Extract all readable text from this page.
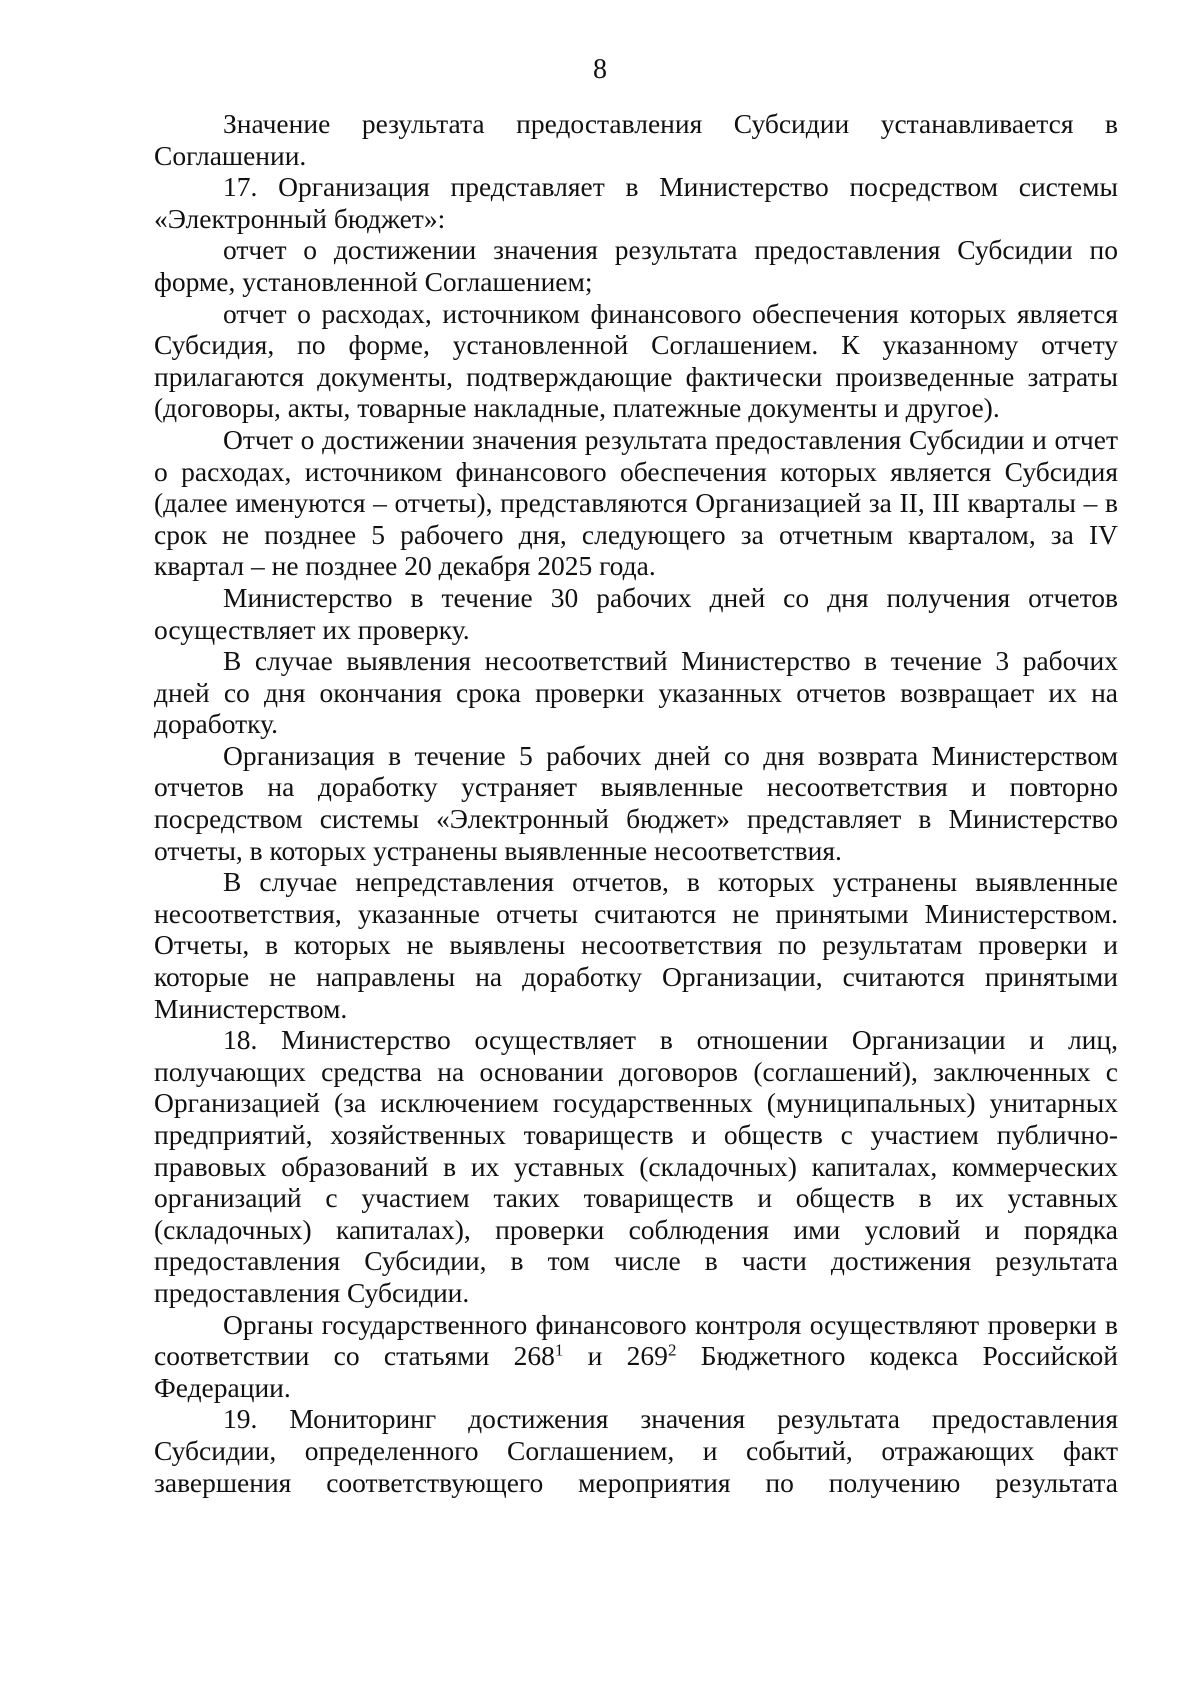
8

Значение результата предоставления Субсидии устанавливается в Соглашении.

17. Организация представляет в Министерство посредством системы «Электронный бюджет»:

отчет о достижении значения результата предоставления Субсидии по форме, установленной Соглашением;

отчет о расходах, источником финансового обеспечения которых является Субсидия, по форме, установленной Соглашением. К указанному отчету прилагаются документы, подтверждающие фактически произведенные затраты (договоры, акты, товарные накладные, платежные документы и другое).

Отчет о достижении значения результата предоставления Субсидии и отчет о расходах, источником финансового обеспечения которых является Субсидия (далее именуются – отчеты), представляются Организацией за II, III кварталы – в срок не позднее 5 рабочего дня, следующего за отчетным кварталом, за IV квартал – не позднее 20 декабря 2025 года.

Министерство в течение 30 рабочих дней со дня получения отчетов осуществляет их проверку.

В случае выявления несоответствий Министерство в течение 3 рабочих дней со дня окончания срока проверки указанных отчетов возвращает их на доработку.

Организация в течение 5 рабочих дней со дня возврата Министерством отчетов на доработку устраняет выявленные несоответствия и повторно посредством системы «Электронный бюджет» представляет в Министерство отчеты, в которых устранены выявленные несоответствия.

В случае непредставления отчетов, в которых устранены выявленные несоответствия, указанные отчеты считаются не принятыми Министерством. Отчеты, в которых не выявлены несоответствия по результатам проверки и которые не направлены на доработку Организации, считаются принятыми Министерством.

18. Министерство осуществляет в отношении Организации и лиц, получающих средства на основании договоров (соглашений), заключенных с Организацией (за исключением государственных (муниципальных) унитарных предприятий, хозяйственных товариществ и обществ с участием публично-правовых образований в их уставных (складочных) капиталах, коммерческих организаций с участием таких товариществ и обществ в их уставных (складочных) капиталах), проверки соблюдения ими условий и порядка предоставления Субсидии, в том числе в части достижения результата предоставления Субсидии.

Органы государственного финансового контроля осуществляют проверки в соответствии со статьями $268^1$ и $269^2$ Бюджетного кодекса Российской Федерации.

19. Мониторинг достижения значения результата предоставления Субсидии, определенного Соглашением, и событий, отражающих факт завершения соответствующего мероприятия по получению результата
